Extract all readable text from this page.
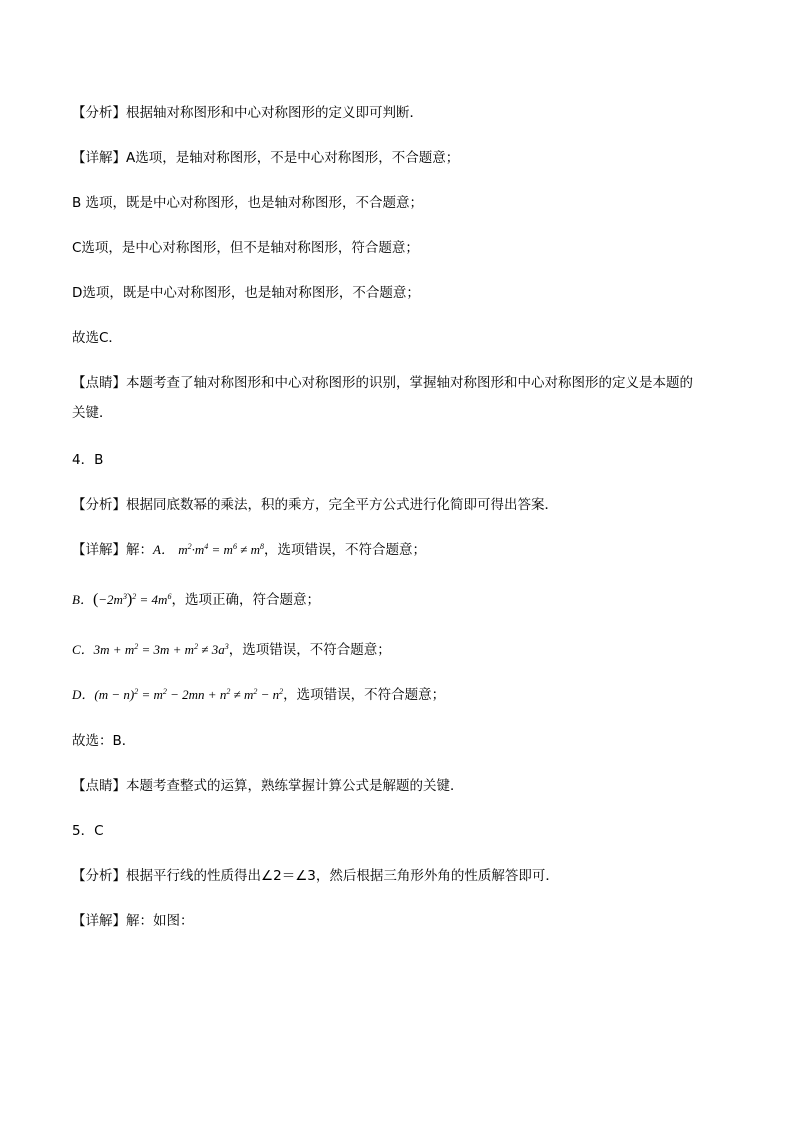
【分析】根据轴对称图形和中心对称图形的定义即可判断．
【详解】A选项，是轴对称图形，不是中心对称图形，不合题意；
B 选项，既是中心对称图形，也是轴对称图形，不合题意；
C选项，是中心对称图形，但不是轴对称图形，符合题意；
D选项，既是中心对称图形，也是轴对称图形，不合题意；
故选C．
【点睛】本题考查了轴对称图形和中心对称图形的识别，掌握轴对称图形和中心对称图形的定义是本题的
关键．
4．B
【分析】根据同底数幂的乘法，积的乘方，完全平方公式进行化简即可得出答案．
【详解】解：A． $m^2\cdot m^4 = m^6 \ne m^8$，选项错误，不符合题意；
B．$(-2m^3)^2 = 4m^6$，选项正确，符合题意；
C．$3m + m^2 = 3m + m^2 \ne 3a^3$，选项错误，不符合题意；
D．$(m - n)^2 = m^2 - 2mn + n^2 \ne m^2 - n^2$，选项错误，不符合题意；
故选：B．
【点睛】本题考查整式的运算，熟练掌握计算公式是解题的关键．
5．C
【分析】根据平行线的性质得出∠2＝∠3，然后根据三角形外角的性质解答即可．
【详解】解：如图：
